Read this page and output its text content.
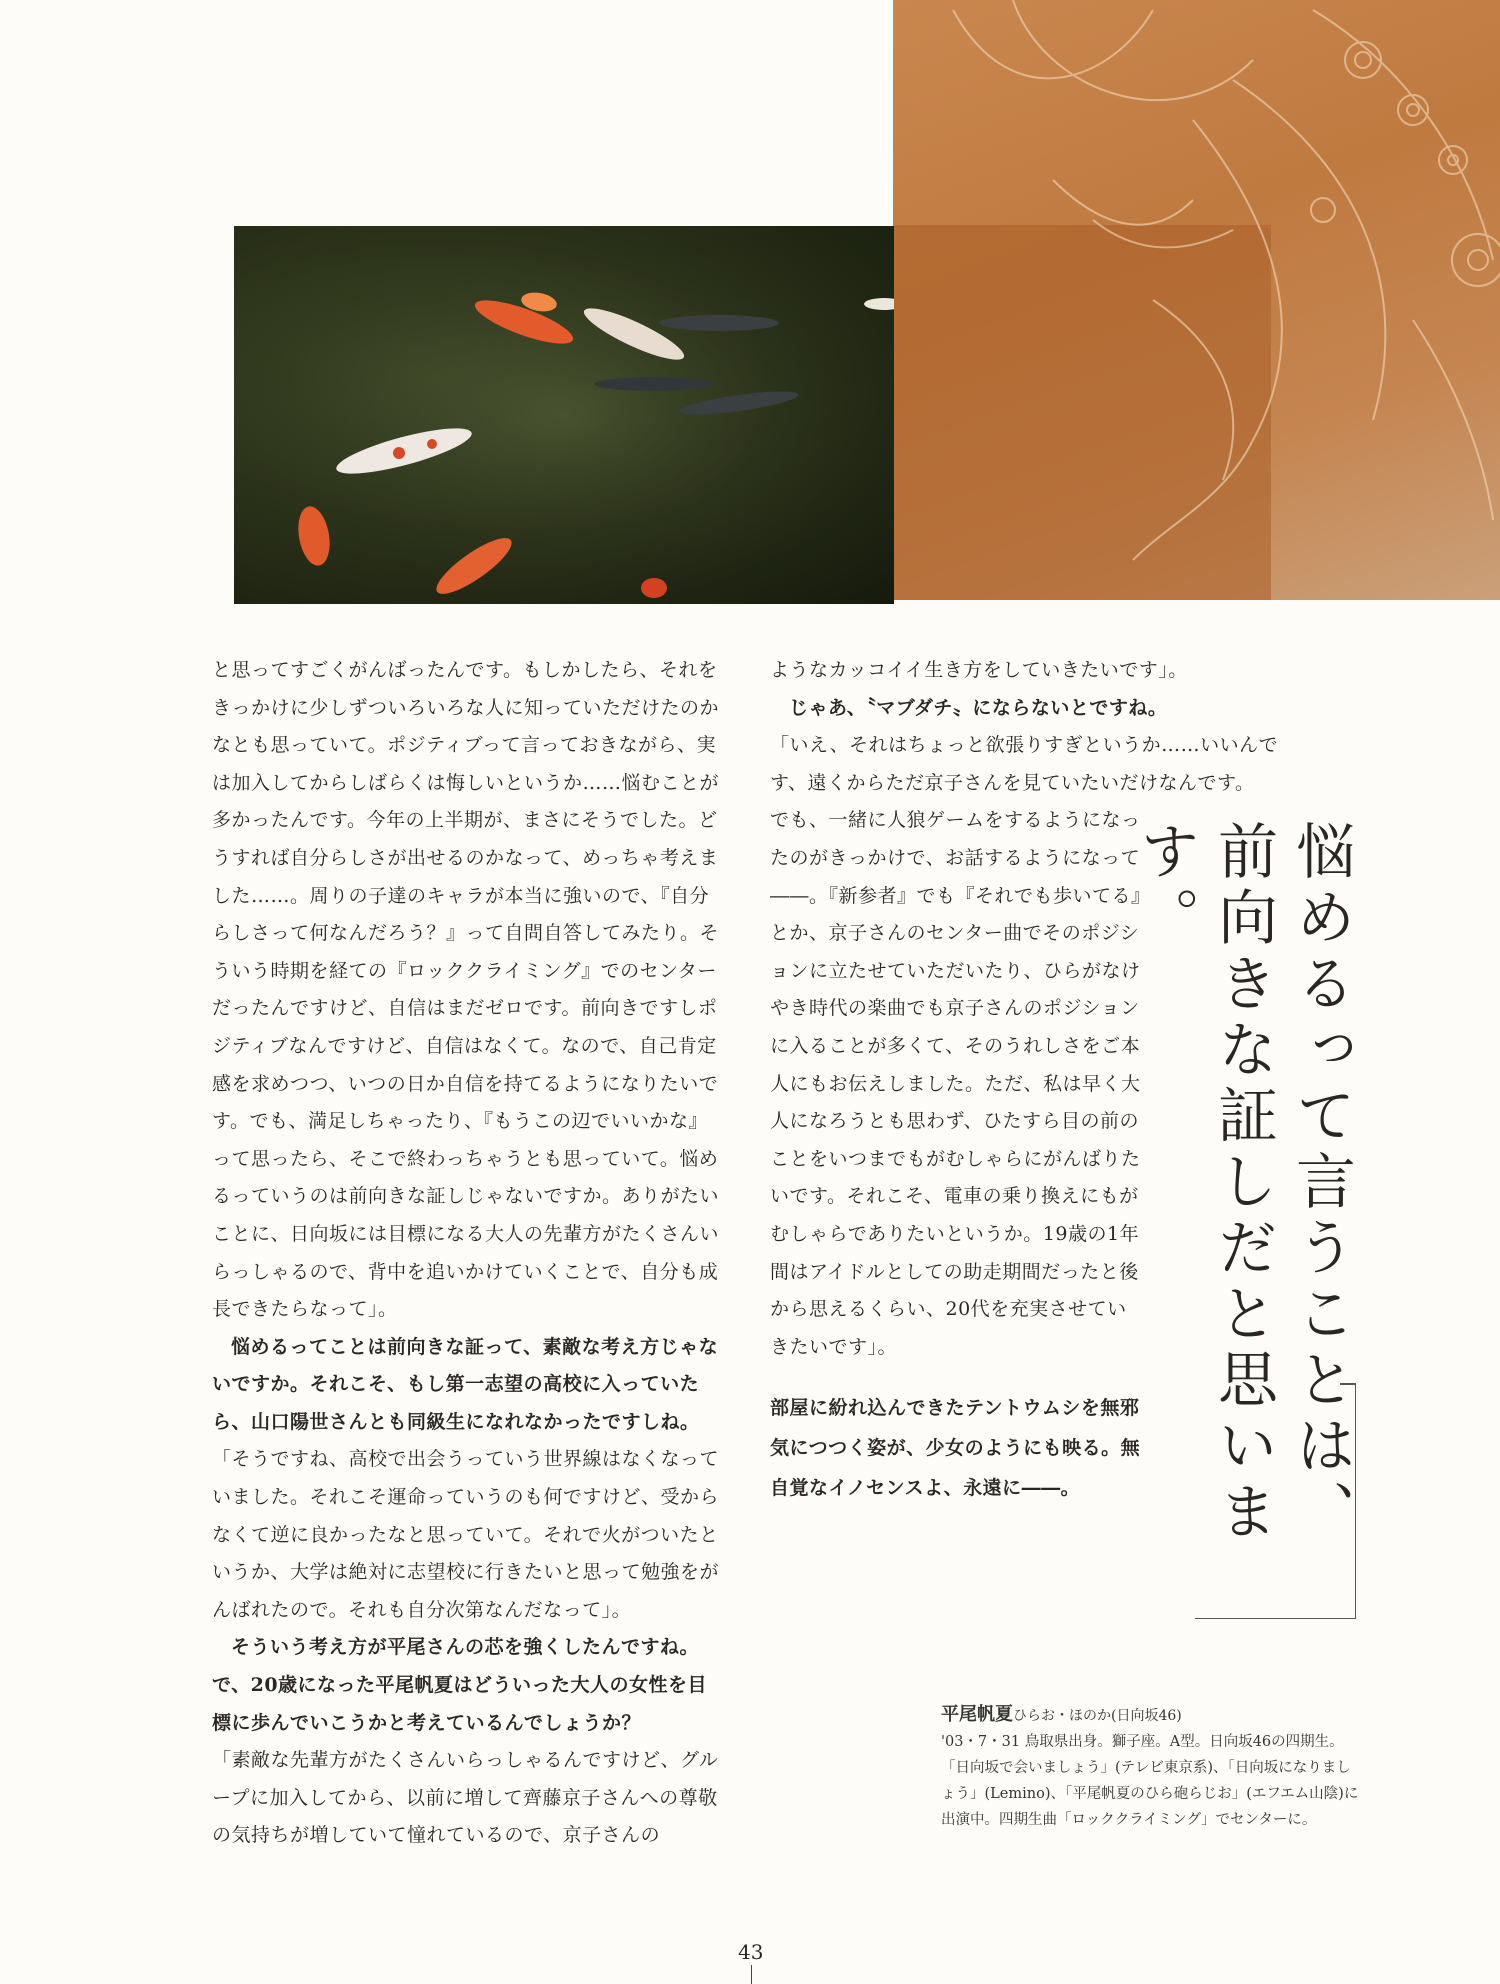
と思ってすごくがんばったんです。もしかしたら、それをきっかけに少しずついろいろな人に知っていただけたのかなとも思っていて。ポジティブって言っておきながら、実は加入してからしばらくは悔しいというか……悩むことが多かったんです。今年の上半期が、まさにそうでした。どうすれば自分らしさが出せるのかなって、めっちゃ考えました……。周りの子達のキャラが本当に強いので、『自分らしさって何なんだろう？』って自問自答してみたり。そういう時期を経ての『ロッククライミング』でのセンターだったんですけど、自信はまだゼロです。前向きですしポジティブなんですけど、自信はなくて。なので、自己肯定感を求めつつ、いつの日か自信を持てるようになりたいです。でも、満足しちゃったり、『もうこの辺でいいかな』って思ったら、そこで終わっちゃうとも思っていて。悩めるっていうのは前向きな証しじゃないですか。ありがたいことに、日向坂には目標になる大人の先輩方がたくさんいらっしゃるので、背中を追いかけていくことで、自分も成長できたらなって」。

悩めるってことは前向きな証って、素敵な考え方じゃないですか。それこそ、もし第一志望の高校に入っていたら、山口陽世さんとも同級生になれなかったですしね。

「そうですね、高校で出会うっていう世界線はなくなっていました。それこそ運命っていうのも何ですけど、受からなくて逆に良かったなと思っていて。それで火がついたというか、大学は絶対に志望校に行きたいと思って勉強をがんばれたので。それも自分次第なんだなって」。

そういう考え方が平尾さんの芯を強くしたんですね。で、20歳になった平尾帆夏はどういった大人の女性を目標に歩んでいこうかと考えているんでしょうか？

「素敵な先輩方がたくさんいらっしゃるんですけど、グループに加入してから、以前に増して齊藤京子さんへの尊敬の気持ちが増していて憧れているので、京子さんの

ようなカッコイイ生き方をしていきたいです」。

じゃあ、〝マブダチ〟にならないとですね。

「いえ、それはちょっと欲張りすぎというか……いいんです、遠くからただ京子さんを見ていたいだけなんです。

でも、一緒に人狼ゲームをするようになったのがきっかけで、お話するようになって――。『新参者』でも『それでも歩いてる』とか、京子さんのセンター曲でそのポジションに立たせていただいたり、ひらがなけやき時代の楽曲でも京子さんのポジションに入ることが多くて、そのうれしさをご本人にもお伝えしました。ただ、私は早く大人になろうとも思わず、ひたすら目の前のことをいつまでもがむしゃらにがんばりたいです。それこそ、電車の乗り換えにもがむしゃらでありたいというか。19歳の1年間はアイドルとしての助走期間だったと後から思えるくらい、20代を充実させていきたいです」。

部屋に紛れ込んできたテントウムシを無邪気につつく姿が、少女のようにも映る。無自覚なイノセンスよ、永遠に――。	悩めるって言うことは、
前向きな証しだと思います。
平尾帆夏ひらお・ほのか(日向坂46)
'03・7・31 鳥取県出身。獅子座。A型。日向坂46の四期生。「日向坂で会いましょう」(テレビ東京系)、「日向坂になりましょう」(Lemino)、「平尾帆夏のひら砲らじお」(エフエム山陰)に出演中。四期生曲「ロッククライミング」でセンターに。
43
